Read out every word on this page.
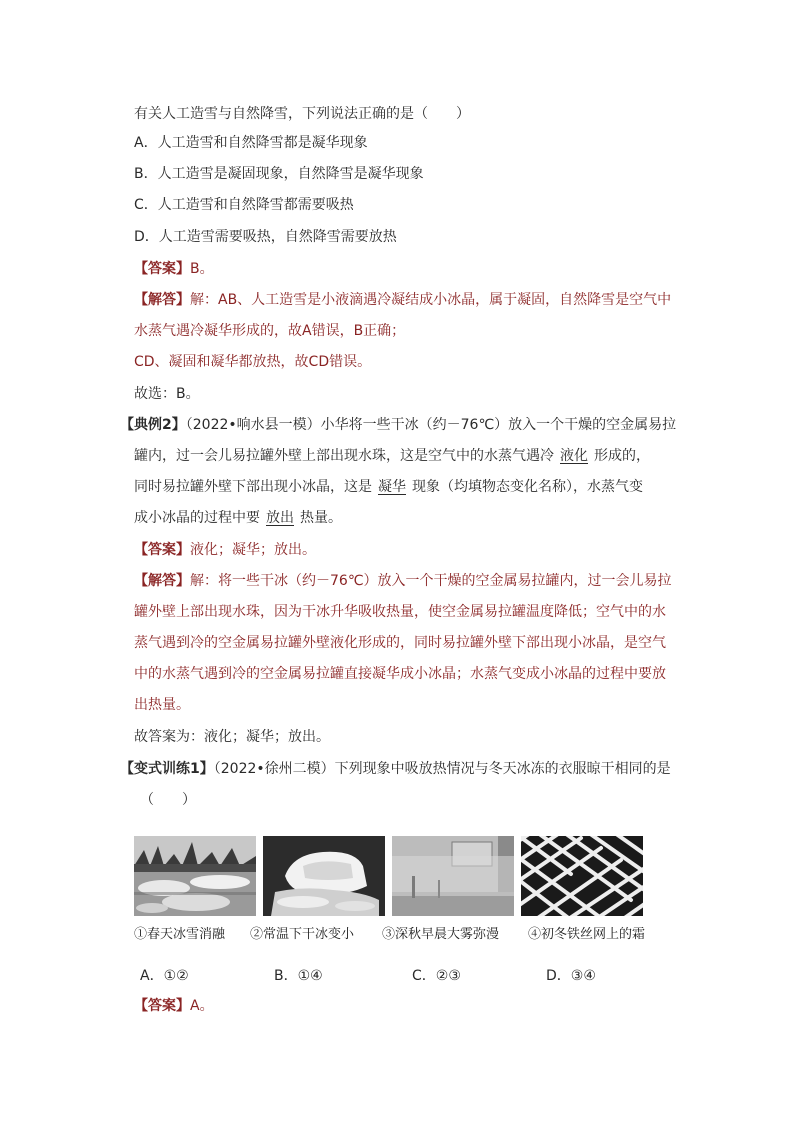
有关人工造雪与自然降雪，下列说法正确的是（　　）
A．人工造雪和自然降雪都是凝华现象
B．人工造雪是凝固现象，自然降雪是凝华现象
C．人工造雪和自然降雪都需要吸热
D．人工造雪需要吸热，自然降雪需要放热
【答案】B。
【解答】解：AB、人工造雪是小液滴遇冷凝结成小冰晶，属于凝固，自然降雪是空气中
水蒸气遇冷凝华形成的，故A错误，B正确；
CD、凝固和凝华都放热，故CD错误。
故选：B。
【典例2】（2022•响水县一模）小华将一些干冰（约－76℃）放入一个干燥的空金属易拉
罐内，过一会儿易拉罐外壁上部出现水珠，这是空气中的水蒸气遇冷 液化 形成的，
同时易拉罐外壁下部出现小冰晶，这是 凝华 现象（均填物态变化名称），水蒸气变
成小冰晶的过程中要 放出 热量。
【答案】液化；凝华；放出。
【解答】解：将一些干冰（约－76℃）放入一个干燥的空金属易拉罐内，过一会儿易拉
罐外壁上部出现水珠，因为干冰升华吸收热量，使空金属易拉罐温度降低；空气中的水
蒸气遇到冷的空金属易拉罐外壁液化形成的，同时易拉罐外壁下部出现小冰晶，是空气
中的水蒸气遇到冷的空金属易拉罐直接凝华成小冰晶；水蒸气变成小冰晶的过程中要放
出热量。
故答案为：液化；凝华；放出。
【变式训练1】（2022•徐州二模）下列现象中吸放热情况与冬天冰冻的衣服晾干相同的是
（　　）
①春天冰雪消融 ②常温下干冰变小 ③深秋早晨大雾弥漫 ④初冬铁丝网上的霜
A．①②	B．①④	C．②③	D．③④
【答案】A。
